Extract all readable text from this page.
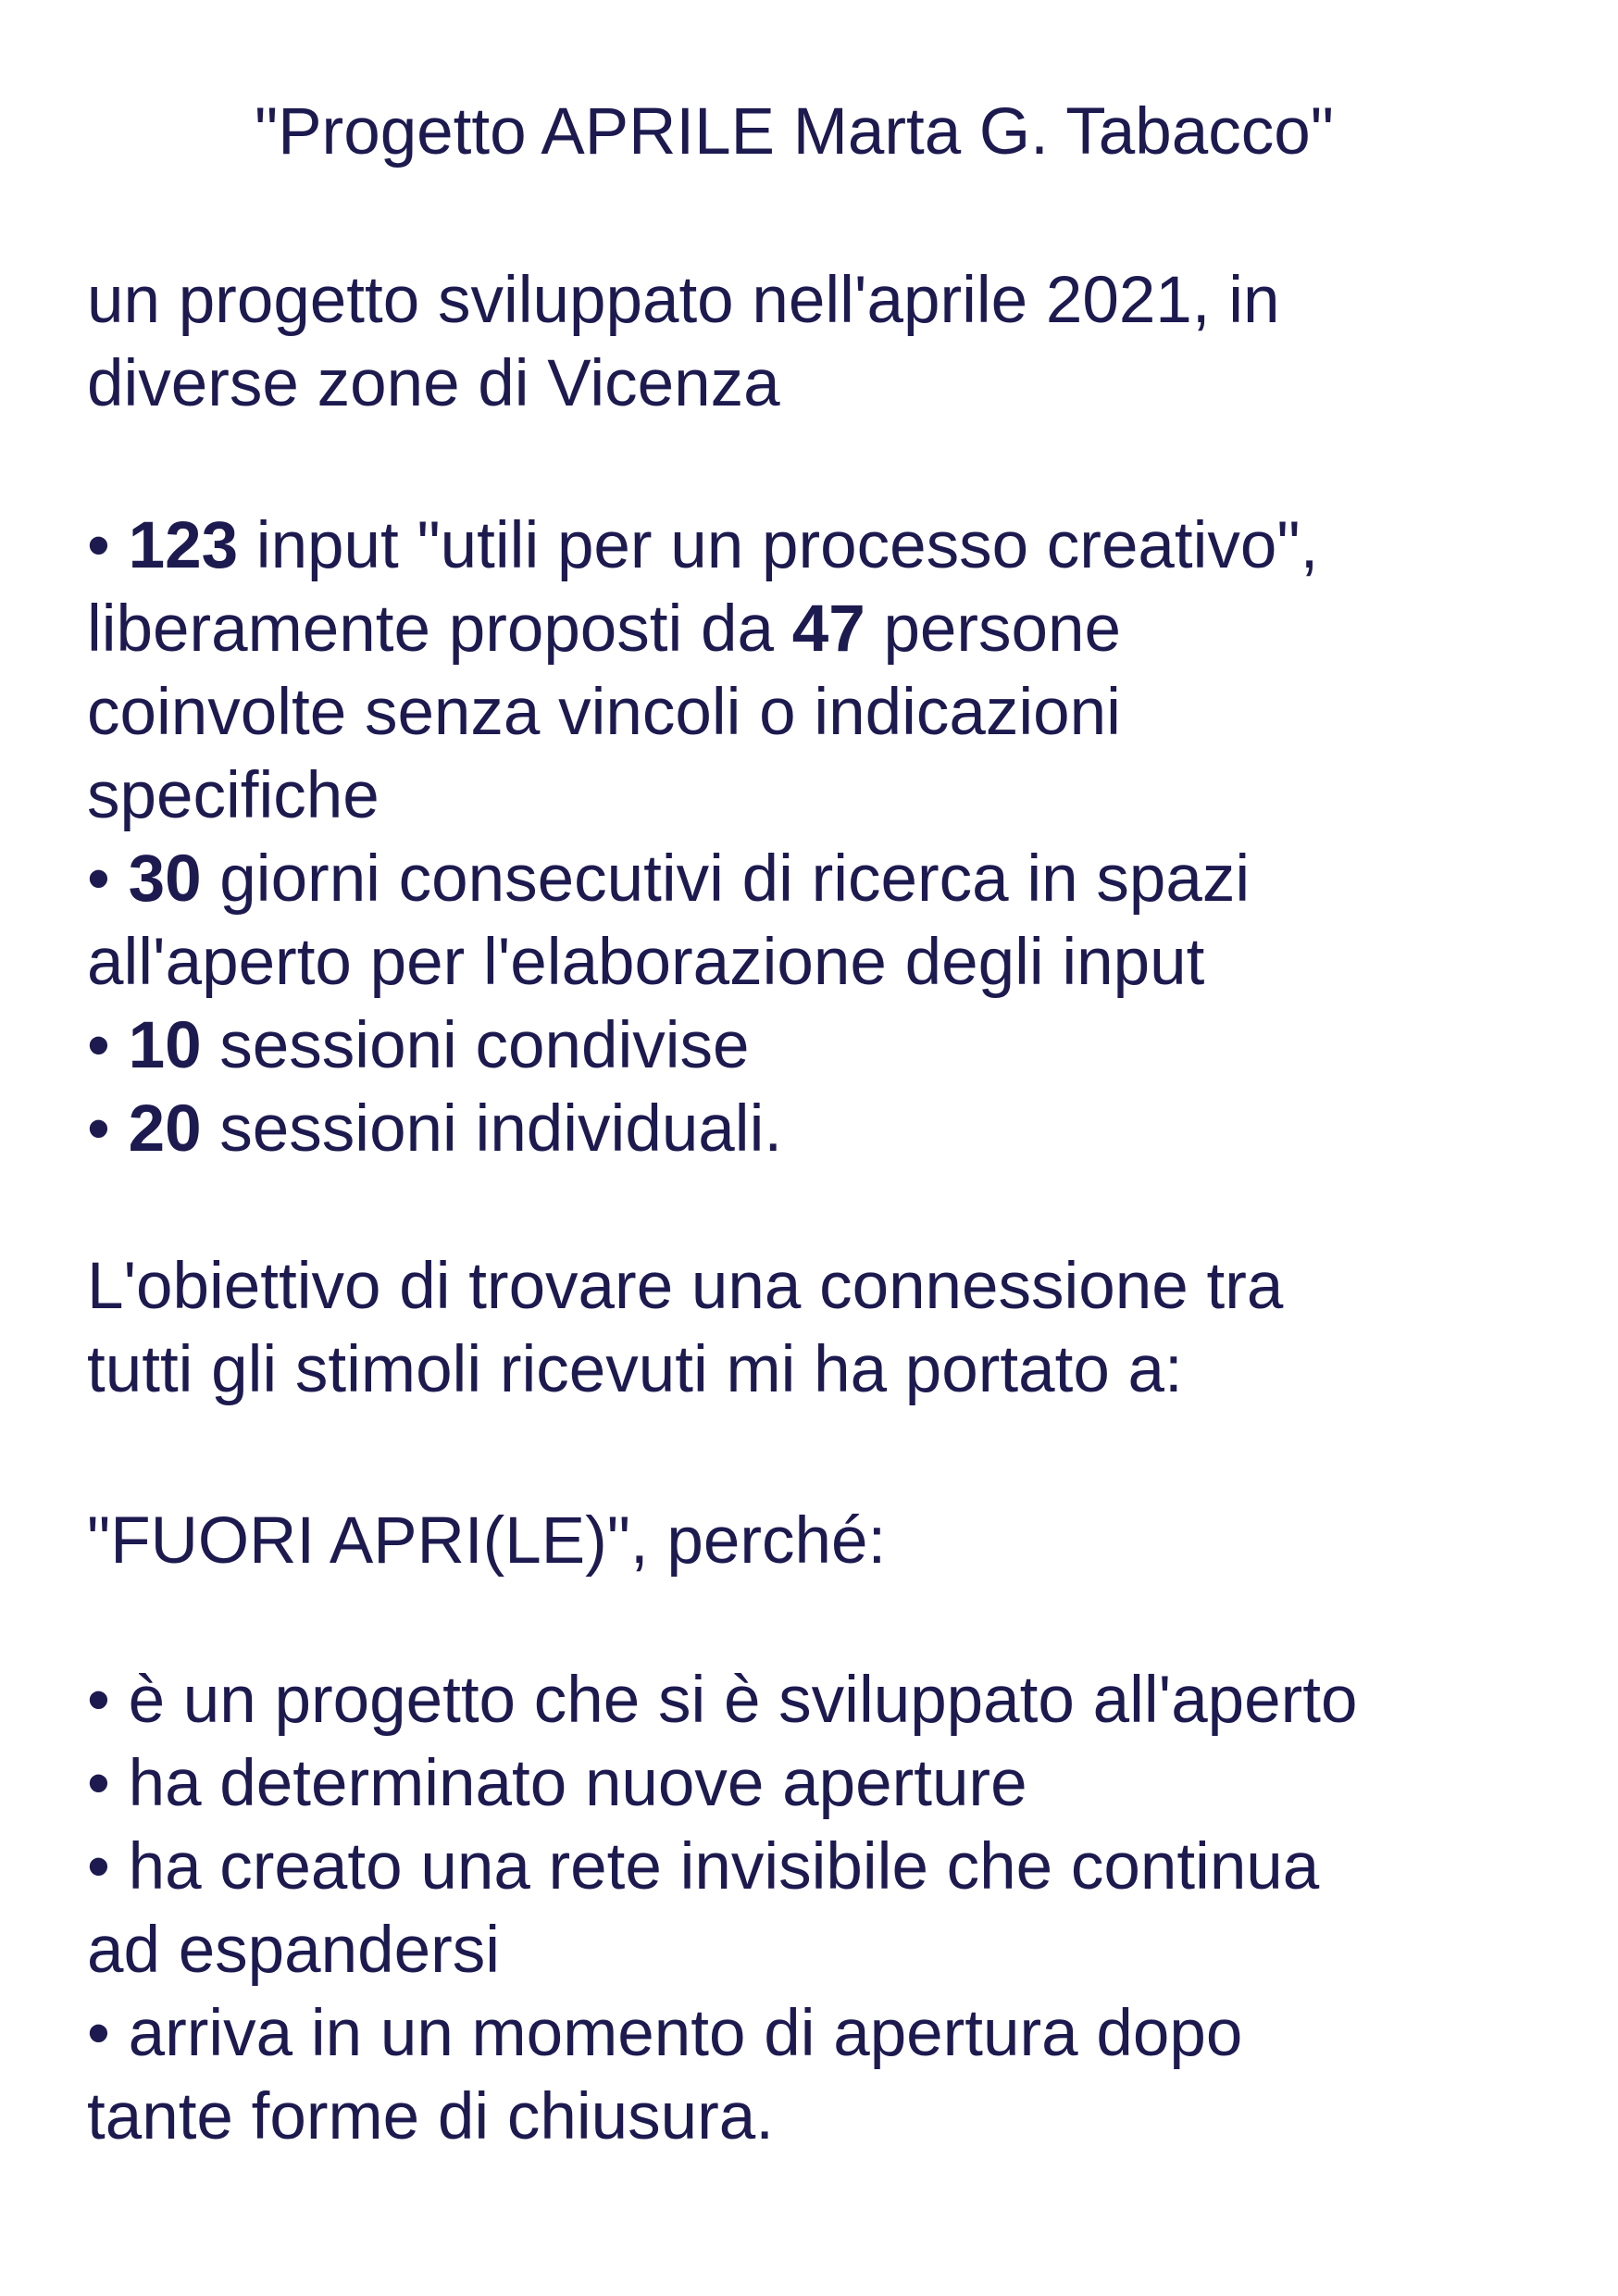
"Progetto APRILE Marta G. Tabacco"
un progetto sviluppato nell'aprile 2021, in
diverse zone di Vicenza
• 123 input "utili per un processo creativo",
liberamente proposti da 47 persone
coinvolte senza vincoli o indicazioni
specifiche
• 30 giorni consecutivi di ricerca in spazi
all'aperto per l'elaborazione degli input
• 10 sessioni condivise
• 20 sessioni individuali.
L'obiettivo di trovare una connessione tra
tutti gli stimoli ricevuti mi ha portato a:
"FUORI APRI(LE)", perché:
• è un progetto che si è sviluppato all'aperto
• ha determinato nuove aperture
• ha creato una rete invisibile che continua
ad espandersi
• arriva in un momento di apertura dopo
tante forme di chiusura.
